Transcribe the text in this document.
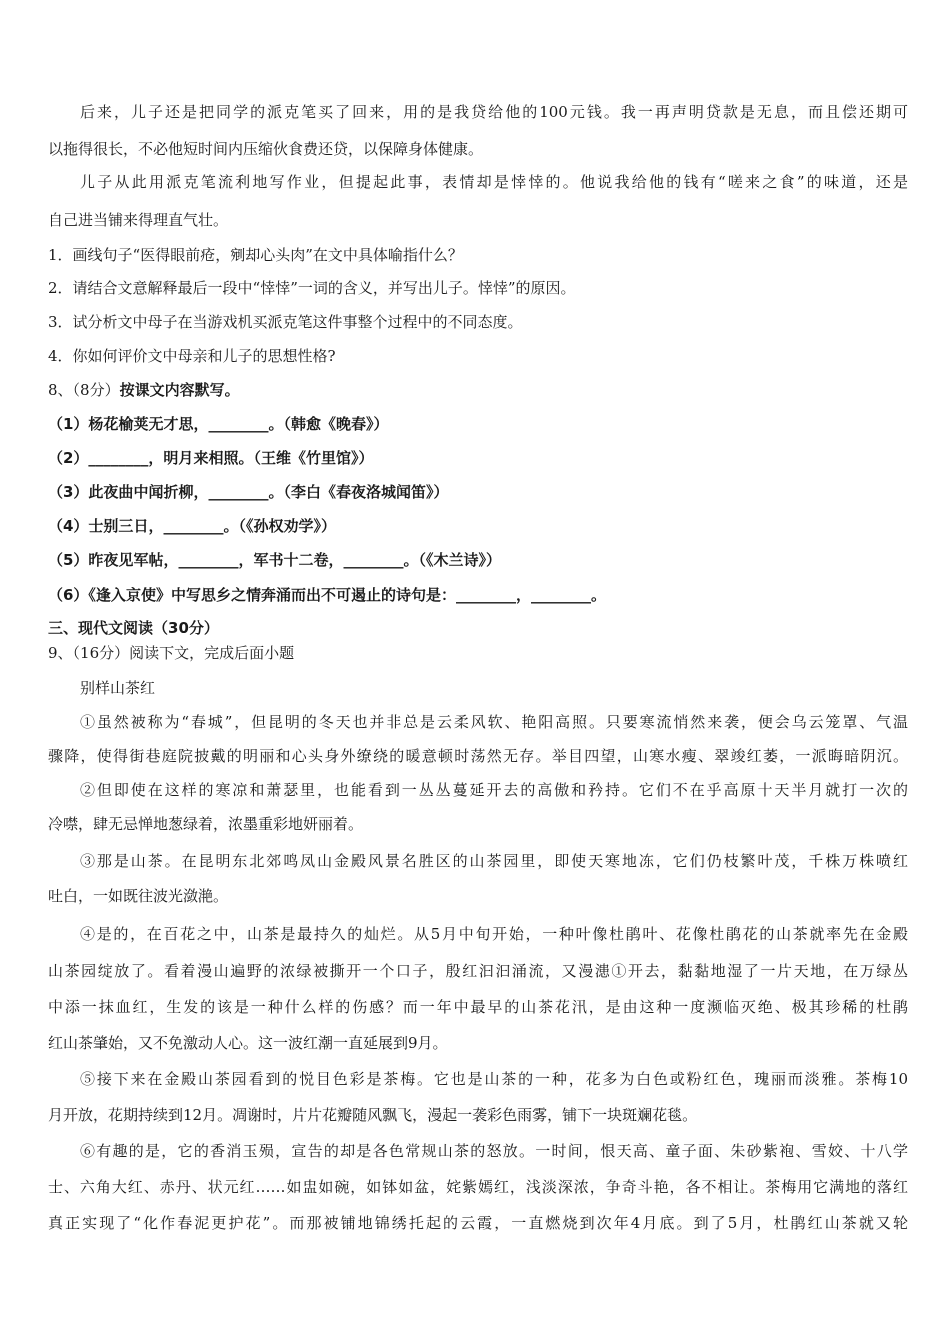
后来，儿子还是把同学的派克笔买了回来，用的是我贷给他的100元钱。我一再声明贷款是无息，而且偿还期可
以拖得很长，不必他短时间内压缩伙食费还贷，以保障身体健康。
儿子从此用派克笔流利地写作业，但提起此事，表情却是悻悻的。他说我给他的钱有“嗟来之食”的味道，还是
自己进当铺来得理直气壮。
1．画线句子“医得眼前疮，剜却心头肉”在文中具体喻指什么？
2．请结合文意解释最后一段中“悻悻”一词的含义，并写出儿子。悻悻”的原因。
3．试分析文中母子在当游戏机买派克笔这件事整个过程中的不同态度。
4．你如何评价文中母亲和儿子的思想性格?
8、（8分）按课文内容默写。
（1）杨花榆荚无才思，________。（韩愈《晚春》）
（2）________，明月来相照。（王维《竹里馆》）
（3）此夜曲中闻折柳，________。（李白《春夜洛城闻笛》）
（4）士别三日，________。（《孙权劝学》）
（5）昨夜见军帖，________，军书十二卷，________。（《木兰诗》）
（6）《逢入京使》中写思乡之情奔涌而出不可遏止的诗句是：________，________。
三、现代文阅读（30分）
9、（16分）阅读下文，完成后面小题
别样山茶红
①虽然被称为“春城”，但昆明的冬天也并非总是云柔风软、艳阳高照。只要寒流悄然来袭，便会乌云笼罩、气温
骤降，使得街巷庭院披戴的明丽和心头身外缭绕的暖意顿时荡然无存。举目四望，山寒水瘦、翠竣红萎，一派晦暗阴沉。
②但即使在这样的寒凉和萧瑟里，也能看到一丛丛蔓延开去的高傲和矜持。它们不在乎高原十天半月就打一次的
冷噤，肆无忌惮地葱绿着，浓墨重彩地妍丽着。
③那是山茶。在昆明东北郊鸣凤山金殿风景名胜区的山茶园里，即使天寒地冻，它们仍枝繁叶茂，千株万株喷红
吐白，一如既往波光潋滟。
④是的，在百花之中，山茶是最持久的灿烂。从5月中旬开始，一种叶像杜鹃叶、花像杜鹃花的山茶就率先在金殿
山茶园绽放了。看着漫山遍野的浓绿被撕开一个口子，殷红汩汩涌流，又漫漶①开去，黏黏地湿了一片天地，在万绿丛
中添一抹血红，生发的该是一种什么样的伤感？而一年中最早的山茶花汛，是由这种一度濒临灭绝、极其珍稀的杜鹃
红山茶肇始，又不免激动人心。这一波红潮一直延展到9月。
⑤接下来在金殿山茶园看到的悦目色彩是茶梅。它也是山茶的一种，花多为白色或粉红色，瑰丽而淡雅。茶梅10
月开放，花期持续到12月。凋谢时，片片花瓣随风飘飞，漫起一袭彩色雨雾，铺下一块斑斓花毯。
⑥有趣的是，它的香消玉殒，宣告的却是各色常规山茶的怒放。一时间，恨天高、童子面、朱砂紫袍、雪姣、十八学
士、六角大红、赤丹、状元红……如盅如碗，如钵如盆，姹紫嫣红，浅淡深浓，争奇斗艳，各不相让。茶梅用它满地的落红
真正实现了“化作春泥更护花”。而那被铺地锦绣托起的云霞，一直燃烧到次年4月底。到了5月，杜鹃红山茶就又轮
